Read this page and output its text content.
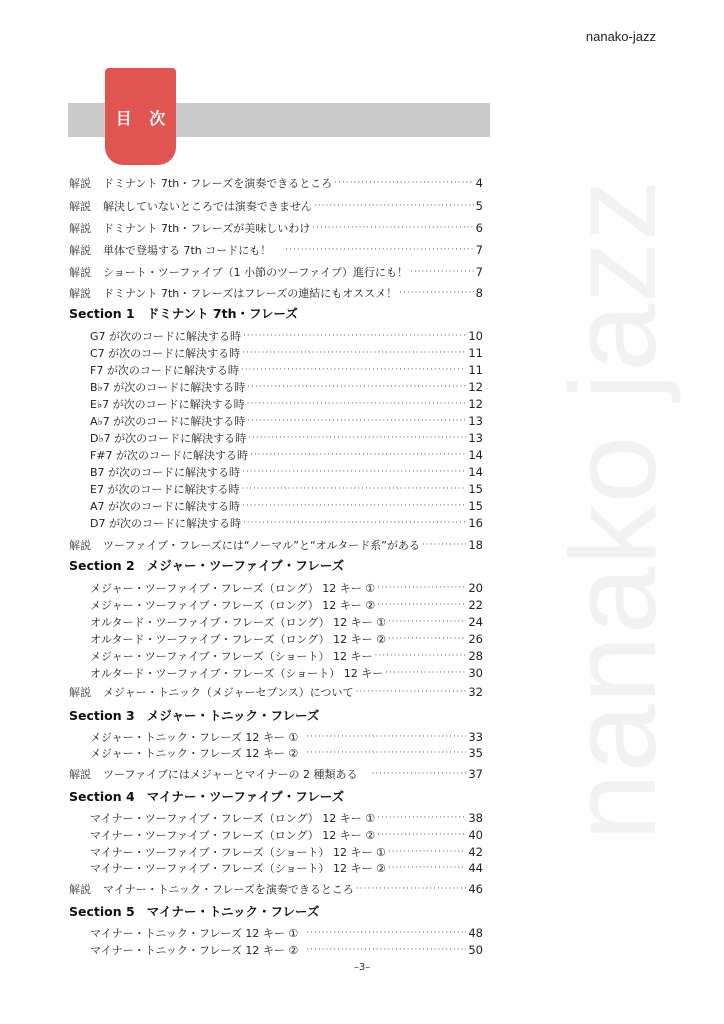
nanako-jazz
nanako jazz
目 次
解説 ドミナント 7th・フレーズを演奏できるところ ·····	4
解説 解決していないところでは演奏できません ·····	5
解説 ドミナント 7th・フレーズが美味しいわけ ·····	6
解説 単体で登場する 7th コードにも！ ·····	7
解説 ショート・ツーファイブ（1 小節のツーファイブ）進行にも！ ·····	7
解説 ドミナント 7th・フレーズはフレーズの連結にもオススメ！ ·····	8
Section 1 ドミナント 7th・フレーズ
G7 が次のコードに解決する時 ·····	10
C7 が次のコードに解決する時 ·····	11
F7 が次のコードに解決する時 ·····	11
B♭7 が次のコードに解決する時 ·····	12
E♭7 が次のコードに解決する時 ·····	12
A♭7 が次のコードに解決する時 ·····	13
D♭7 が次のコードに解決する時 ·····	13
F#7 が次のコードに解決する時 ·····	14
B7 が次のコードに解決する時 ·····	14
E7 が次のコードに解決する時 ·····	15
A7 が次のコードに解決する時 ·····	15
D7 が次のコードに解決する時 ·····	16
解説 ツーファイブ・フレーズには“ノーマル”と“オルタード系”がある ·····	18
Section 2 メジャー・ツーファイブ・フレーズ
メジャー・ツーファイブ・フレーズ（ロング） 12 キー ① ·····	20
メジャー・ツーファイブ・フレーズ（ロング） 12 キー ② ·····	22
オルタード・ツーファイブ・フレーズ（ロング） 12 キー ① ·····	24
オルタード・ツーファイブ・フレーズ（ロング） 12 キー ② ·····	26
メジャー・ツーファイブ・フレーズ（ショート） 12 キー ·····	28
オルタード・ツーファイブ・フレーズ（ショート） 12 キー ·····	30
解説 メジャー・トニック（メジャーセブンス）について ·····	32
Section 3 メジャー・トニック・フレーズ
メジャー・トニック・フレーズ 12 キー ① ·····	33
メジャー・トニック・フレーズ 12 キー ② ·····	35
解説 ツーファイブにはメジャーとマイナーの 2 種類ある ·····	37
Section 4 マイナー・ツーファイブ・フレーズ
マイナー・ツーファイブ・フレーズ（ロング） 12 キー ① ·····	38
マイナー・ツーファイブ・フレーズ（ロング） 12 キー ② ·····	40
マイナー・ツーファイブ・フレーズ（ショート） 12 キー ① ·····	42
マイナー・ツーファイブ・フレーズ（ショート） 12 キー ② ·····	44
解説 マイナー・トニック・フレーズを演奏できるところ ·····	46
Section 5 マイナー・トニック・フレーズ
マイナー・トニック・フレーズ 12 キー ① ·····	48
マイナー・トニック・フレーズ 12 キー ② ·····	50
–3–
